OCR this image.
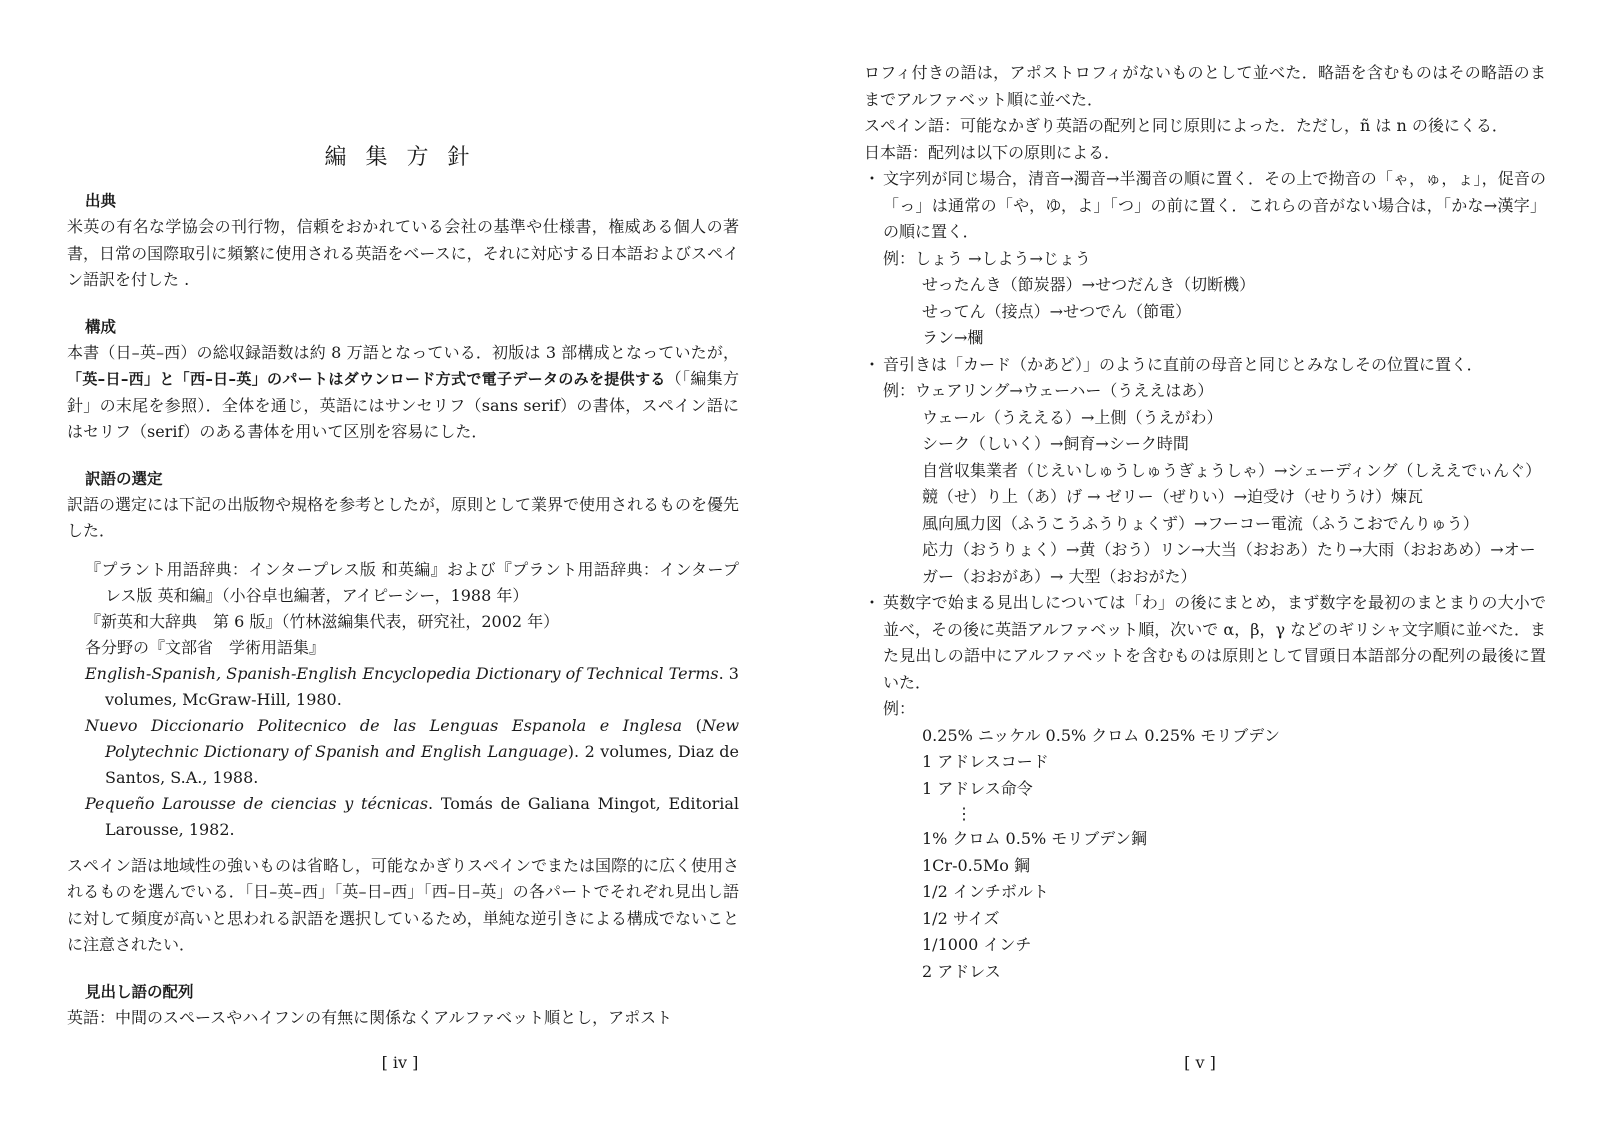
編 集 方 針
出典

米英の有名な学協会の刊行物，信頼をおかれている会社の基準や仕様書，権威ある個人の著書，日常の国際取引に頻繁に使用される英語をベースに，それに対応する日本語およびスペイン語訳を付した .

構成

本書（日–英–西）の総収録語数は約 8 万語となっている．初版は 3 部構成となっていたが，「英–日–西」と「西–日–英」のパートはダウンロード方式で電子データのみを提供する（「編集方針」の末尾を参照）．全体を通じ，英語にはサンセリフ（sans serif）の書体，スペイン語にはセリフ（serif）のある書体を用いて区別を容易にした．

訳語の選定

訳語の選定には下記の出版物や規格を参考としたが，原則として業界で使用されるものを優先した．

『プラント用語辞典：インタープレス版 和英編』および『プラント用語辞典：インタープレス版 英和編』（小谷卓也編著，アイピーシー，1988 年）
『新英和大辞典　第 6 版』（竹林滋編集代表，研究社，2002 年）
各分野の『文部省　学術用語集』
English-Spanish, Spanish-English Encyclopedia Dictionary of Technical Terms. 3 volumes, McGraw-Hill, 1980.
Nuevo Diccionario Politecnico de las Lenguas Espanola e Inglesa (New Polytechnic Dictionary of Spanish and English Language). 2 volumes, Diaz de Santos, S.A., 1988.
Pequeño Larousse de ciencias y técnicas. Tomás de Galiana Mingot, Editorial Larousse, 1982.

スペイン語は地域性の強いものは省略し，可能なかぎりスペインでまたは国際的に広く使用されるものを選んでいる．「日–英–西」「英–日–西」「西–日–英」の各パートでそれぞれ見出し語に対して頻度が高いと思われる訳語を選択しているため，単純な逆引きによる構成でないことに注意されたい．

見出し語の配列

英語：中間のスペースやハイフンの有無に関係なくアルファベット順とし，アポスト

[ iv ]

ロフィ付きの語は，アポストロフィがないものとして並べた．略語を含むものはその略語のままでアルファベット順に並べた．

スペイン語：可能なかぎり英語の配列と同じ原則によった．ただし，ñ は n の後にくる．

日本語：配列は以下の原則による．

・ 文字列が同じ場合，清音→濁音→半濁音の順に置く．その上で拗音の「ゃ，ゅ，ょ」，促音の「っ」は通常の「や，ゆ，よ」「つ」の前に置く．これらの音がない場合は，「かな→漢字」の順に置く．
例：しょう →しよう→じょう
せったんき（節炭器）→せつだんき（切断機）
せってん（接点）→せつでん（節電）
ラン→欄
・ 音引きは「カード（かあど）」のように直前の母音と同じとみなしその位置に置く．
例：ウェアリング→ウェーハー（うええはあ）
ウェール（うええる）→上側（うえがわ）
シーク（しいく）→飼育→シーク時間
自営収集業者（じえいしゅうしゅうぎょうしゃ）→シェーディング（しええでぃんぐ）
競（せ）り上（あ）げ → ゼリー（ぜりい）→迫受け（せりうけ）煉瓦
風向風力図（ふうこうふうりょくず）→フーコー電流（ふうこおでんりゅう）
応力（おうりょく）→黄（おう）リン→大当（おおあ）たり→大雨（おおあめ）→オーガー（おおがあ）→ 大型（おおがた）
・ 英数字で始まる見出しについては「わ」の後にまとめ，まず数字を最初のまとまりの大小で並べ，その後に英語アルファベット順，次いで α，β，γ などのギリシャ文字順に並べた．また見出しの語中にアルファベットを含むものは原則として冒頭日本語部分の配列の最後に置いた．
例：
0.25% ニッケル 0.5% クロム 0.25% モリブデン
1 アドレスコード
1 アドレス命令
⋮
1% クロム 0.5% モリブデン鋼
1Cr-0.5Mo 鋼
1/2 インチボルト
1/2 サイズ
1/1000 インチ
2 アドレス
[ v ]
